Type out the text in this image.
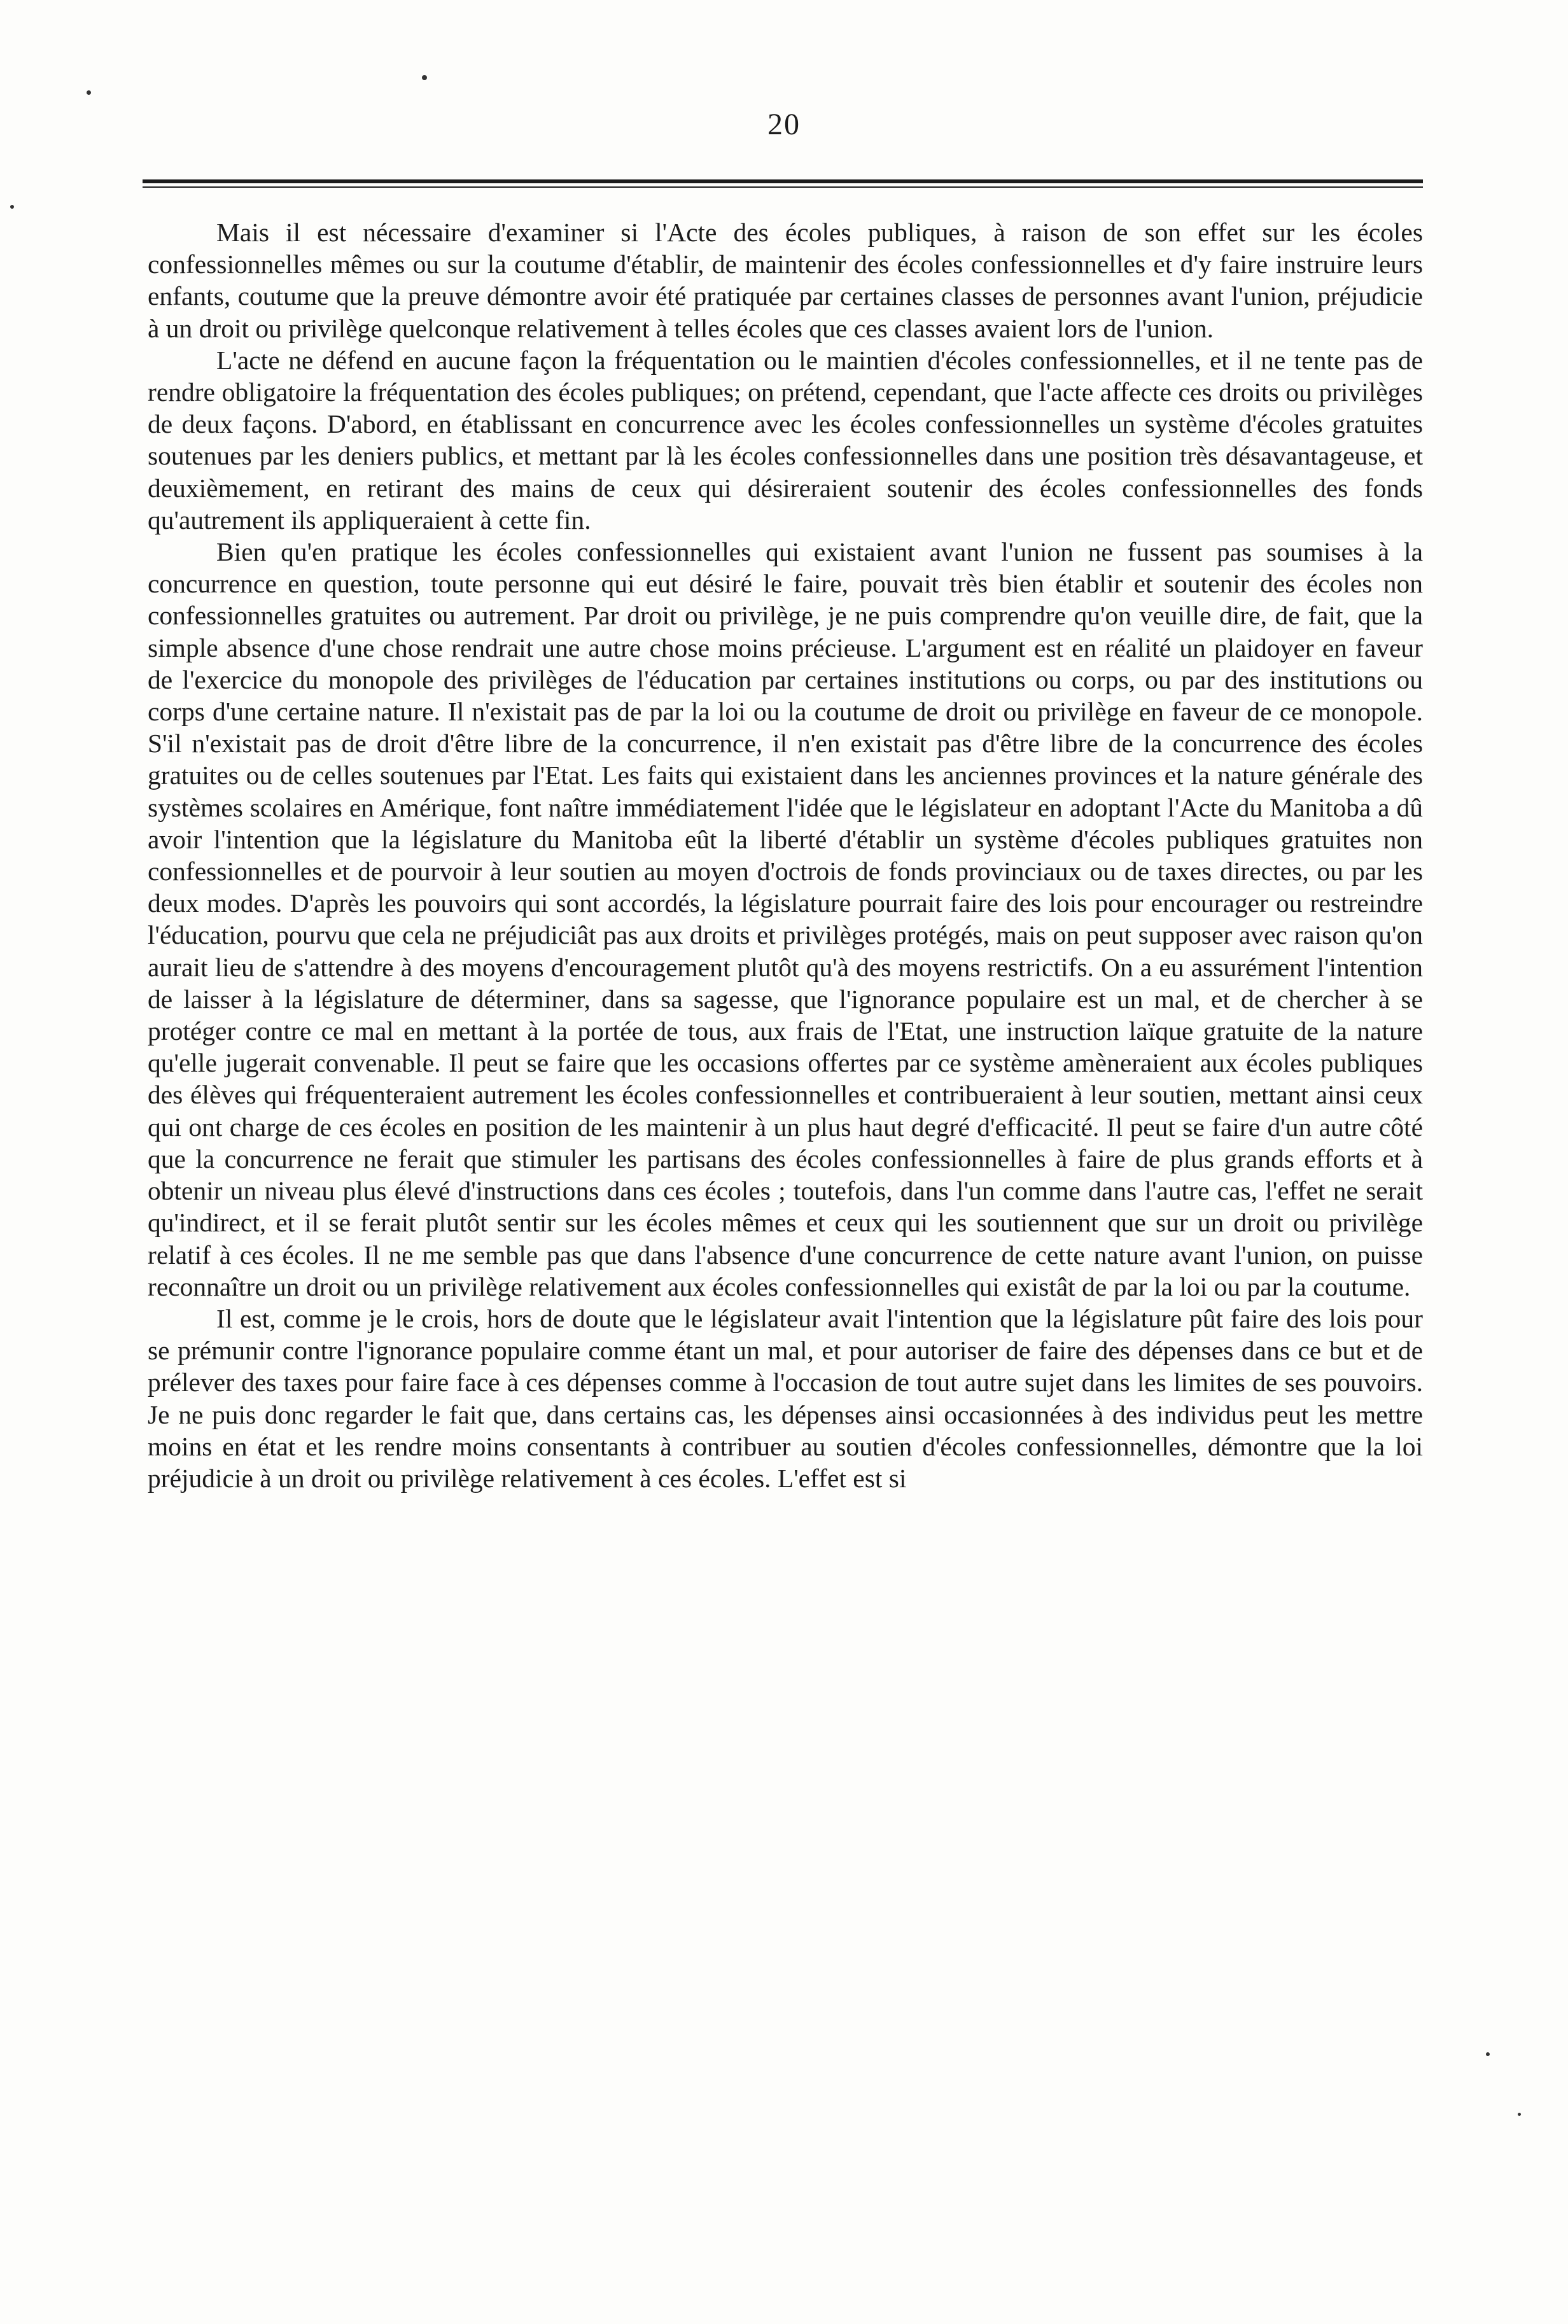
20

Mais il est nécessaire d'examiner si l'Acte des écoles publiques, à raison de son effet sur les écoles confessionnelles mêmes ou sur la coutume d'établir, de maintenir des écoles confessionnelles et d'y faire instruire leurs enfants, coutume que la preuve démontre avoir été pratiquée par certaines classes de personnes avant l'union, préjudicie à un droit ou privilège quelconque relativement à telles écoles que ces classes avaient lors de l'union.

L'acte ne défend en aucune façon la fréquentation ou le maintien d'écoles confessionnelles, et il ne tente pas de rendre obligatoire la fréquentation des écoles publiques; on prétend, cependant, que l'acte affecte ces droits ou privilèges de deux façons. D'abord, en établissant en concurrence avec les écoles confessionnelles un système d'écoles gratuites soutenues par les deniers publics, et mettant par là les écoles confessionnelles dans une position très désavantageuse, et deuxièmement, en retirant des mains de ceux qui désireraient soutenir des écoles confessionnelles des fonds qu'autrement ils appliqueraient à cette fin.

Bien qu'en pratique les écoles confessionnelles qui existaient avant l'union ne fussent pas soumises à la concurrence en question, toute personne qui eut désiré le faire, pouvait très bien établir et soutenir des écoles non confessionnelles gratuites ou autrement. Par droit ou privilège, je ne puis comprendre qu'on veuille dire, de fait, que la simple absence d'une chose rendrait une autre chose moins précieuse. L'argument est en réalité un plaidoyer en faveur de l'exercice du monopole des privilèges de l'éducation par certaines institutions ou corps, ou par des institutions ou corps d'une certaine nature. Il n'existait pas de par la loi ou la coutume de droit ou privilège en faveur de ce monopole. S'il n'existait pas de droit d'être libre de la concurrence, il n'en existait pas d'être libre de la concurrence des écoles gratuites ou de celles soutenues par l'Etat. Les faits qui existaient dans les anciennes provinces et la nature générale des systèmes scolaires en Amérique, font naître immédiatement l'idée que le législateur en adoptant l'Acte du Manitoba a dû avoir l'intention que la législature du Manitoba eût la liberté d'établir un système d'écoles publiques gratuites non confessionnelles et de pourvoir à leur soutien au moyen d'octrois de fonds provinciaux ou de taxes directes, ou par les deux modes. D'après les pouvoirs qui sont accordés, la législature pourrait faire des lois pour encourager ou restreindre l'éducation, pourvu que cela ne préjudiciât pas aux droits et privilèges protégés, mais on peut supposer avec raison qu'on aurait lieu de s'attendre à des moyens d'encouragement plutôt qu'à des moyens restrictifs. On a eu assurément l'intention de laisser à la législature de déterminer, dans sa sagesse, que l'ignorance populaire est un mal, et de chercher à se protéger contre ce mal en mettant à la portée de tous, aux frais de l'Etat, une instruction laïque gratuite de la nature qu'elle jugerait convenable. Il peut se faire que les occasions offertes par ce système amèneraient aux écoles publiques des élèves qui fréquenteraient autrement les écoles confessionnelles et contribueraient à leur soutien, mettant ainsi ceux qui ont charge de ces écoles en position de les maintenir à un plus haut degré d'efficacité. Il peut se faire d'un autre côté que la concurrence ne ferait que stimuler les partisans des écoles confessionnelles à faire de plus grands efforts et à obtenir un niveau plus élevé d'instructions dans ces écoles ; toutefois, dans l'un comme dans l'autre cas, l'effet ne serait qu'indirect, et il se ferait plutôt sentir sur les écoles mêmes et ceux qui les soutiennent que sur un droit ou privilège relatif à ces écoles. Il ne me semble pas que dans l'absence d'une concurrence de cette nature avant l'union, on puisse reconnaître un droit ou un privilège relativement aux écoles confessionnelles qui existât de par la loi ou par la coutume.

Il est, comme je le crois, hors de doute que le législateur avait l'intention que la législature pût faire des lois pour se prémunir contre l'ignorance populaire comme étant un mal, et pour autoriser de faire des dépenses dans ce but et de prélever des taxes pour faire face à ces dépenses comme à l'occasion de tout autre sujet dans les limites de ses pouvoirs. Je ne puis donc regarder le fait que, dans certains cas, les dépenses ainsi occasionnées à des individus peut les mettre moins en état et les rendre moins consentants à contribuer au soutien d'écoles confessionnelles, démontre que la loi préjudicie à un droit ou privilège relativement à ces écoles. L'effet est si
